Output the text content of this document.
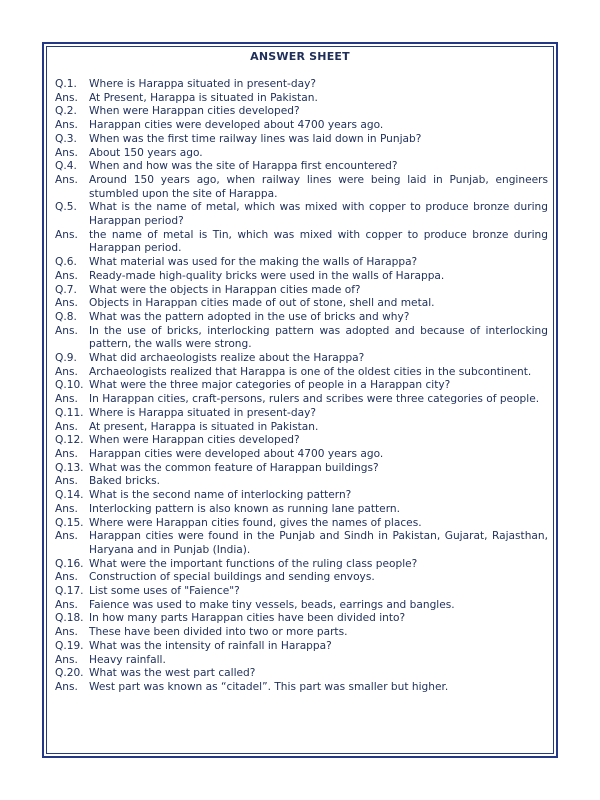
ANSWER SHEET
Q.1.	Where is Harappa situated in present-day?
Ans.	At Present, Harappa is situated in Pakistan.
Q.2.	When were Harappan cities developed?
Ans.	Harappan cities were developed about 4700 years ago.
Q.3.	When was the first time railway lines was laid down in Punjab?
Ans.	About 150 years ago.
Q.4.	When and how was the site of Harappa first encountered?
Ans.	Around 150 years ago, when railway lines were being laid in Punjab, engineers stumbled upon the site of Harappa.
Q.5.	What is the name of metal, which was mixed with copper to produce bronze during Harappan period?
Ans.	the name of metal is Tin, which was mixed with copper to produce bronze during Harappan period.
Q.6.	What material was used for the making the walls of Harappa?
Ans.	Ready-made high-quality bricks were used in the walls of Harappa.
Q.7.	What were the objects in Harappan cities made of?
Ans.	Objects in Harappan cities made of out of stone, shell and metal.
Q.8.	What was the pattern adopted in the use of bricks and why?
Ans.	In the use of bricks, interlocking pattern was adopted and because of interlocking pattern, the walls were strong.
Q.9.	What did archaeologists realize about the Harappa?
Ans.	Archaeologists realized that Harappa is one of the oldest cities in the subcontinent.
Q.10. What were the three major categories of people in a Harappan city?
Ans.	In Harappan cities, craft-persons, rulers and scribes were three categories of people.
Q.11. Where is Harappa situated in present-day?
Ans.	At present, Harappa is situated in Pakistan.
Q.12. When were Harappan cities developed?
Ans.	Harappan cities were developed about 4700 years ago.
Q.13. What was the common feature of Harappan buildings?
Ans.	Baked bricks.
Q.14. What is the second name of interlocking pattern?
Ans.	Interlocking pattern is also known as running lane pattern.
Q.15. Where were Harappan cities found, gives the names of places.
Ans.	Harappan cities were found in the Punjab and Sindh in Pakistan, Gujarat, Rajasthan, Haryana and in Punjab (India).
Q.16. What were the important functions of the ruling class people?
Ans.	Construction of special buildings and sending envoys.
Q.17. List some uses of "Faience"?
Ans.	Faience was used to make tiny vessels, beads, earrings and bangles.
Q.18. In how many parts Harappan cities have been divided into?
Ans.	These have been divided into two or more parts.
Q.19. What was the intensity of rainfall in Harappa?
Ans.	Heavy rainfall.
Q.20. What was the west part called?
Ans.	West part was known as “citadel”. This part was smaller but higher.
